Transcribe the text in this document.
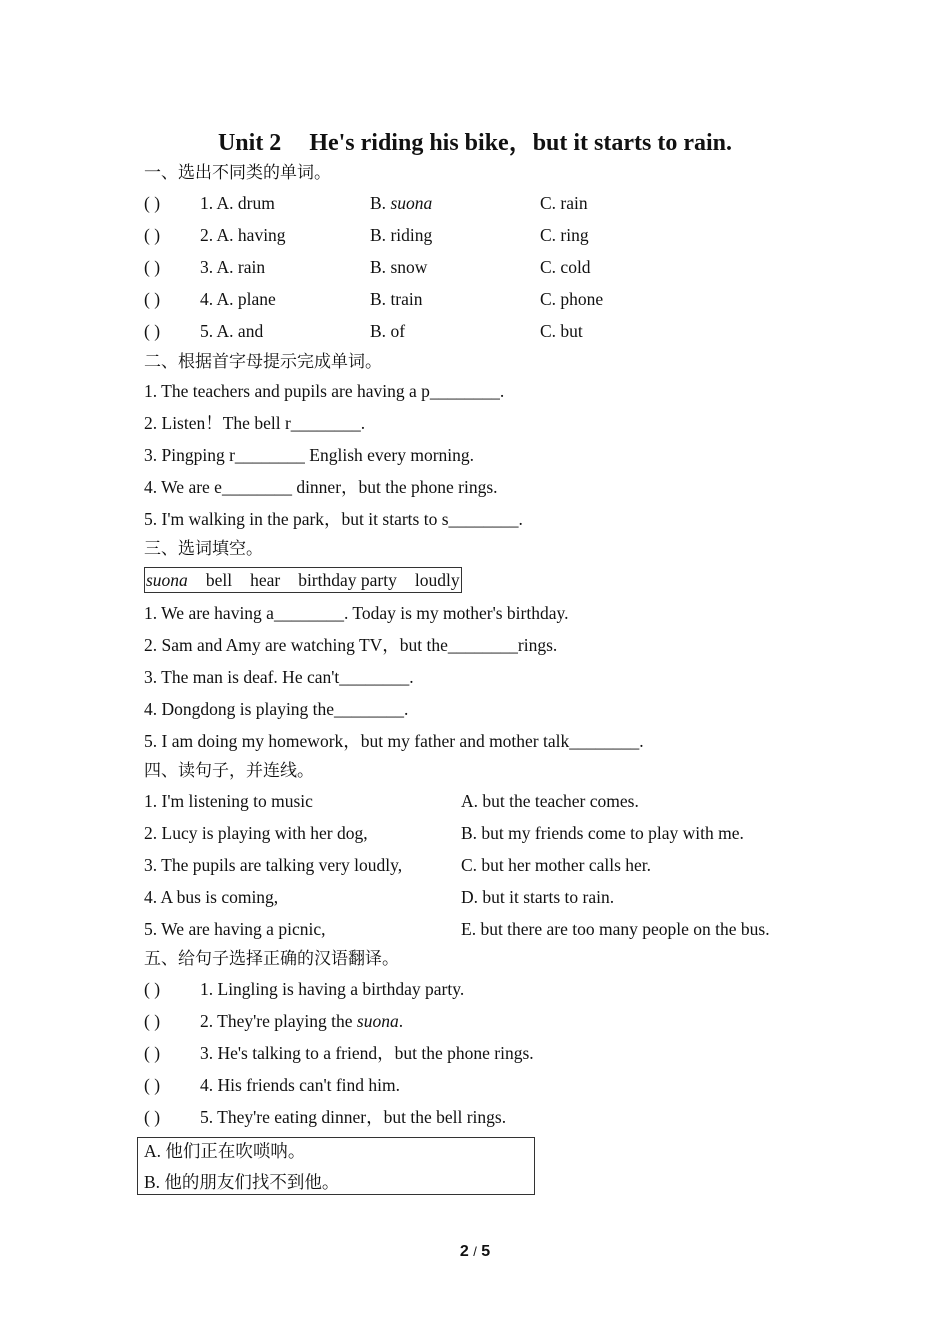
Unit 2 He's riding his bike，but it starts to rain.
一、选出不同类的单词。
( ) 1. A. drum	B. suona	C. rain
( ) 2. A. having	B. riding	C. ring
( ) 3. A. rain	B. snow	C. cold
( ) 4. A. plane	B. train	C. phone
( ) 5. A. and	B. of	C. but
二、根据首字母提示完成单词。
1. The teachers and pupils are having a p________.
2. Listen！The bell r________.
3. Pingping r________ English every morning.
4. We are e________ dinner，but the phone rings.
5. I'm walking in the park，but it starts to s________.
三、选词填空。
suona bell hear birthday party loudly
1. We are having a________. Today is my mother's birthday.
2. Sam and Amy are watching TV，but the________rings.
3. The man is deaf. He can't________.
4. Dongdong is playing the________.
5. I am doing my homework，but my father and mother talk________.
四、读句子，并连线。
1. I'm listening to music	A. but the teacher comes.
2. Lucy is playing with her dog,	B. but my friends come to play with me.
3. The pupils are talking very loudly,	C. but her mother calls her.
4. A bus is coming,	D. but it starts to rain.
5. We are having a picnic,	E. but there are too many people on the bus.
五、给句子选择正确的汉语翻译。
( ) 1. Lingling is having a birthday party.
( ) 2. They're playing the suona.
( ) 3. He's talking to a friend，but the phone rings.
( ) 4. His friends can't find him.
( ) 5. They're eating dinner，but the bell rings.
A. 他们正在吹唢呐。
B. 他的朋友们找不到他。
2 / 5
